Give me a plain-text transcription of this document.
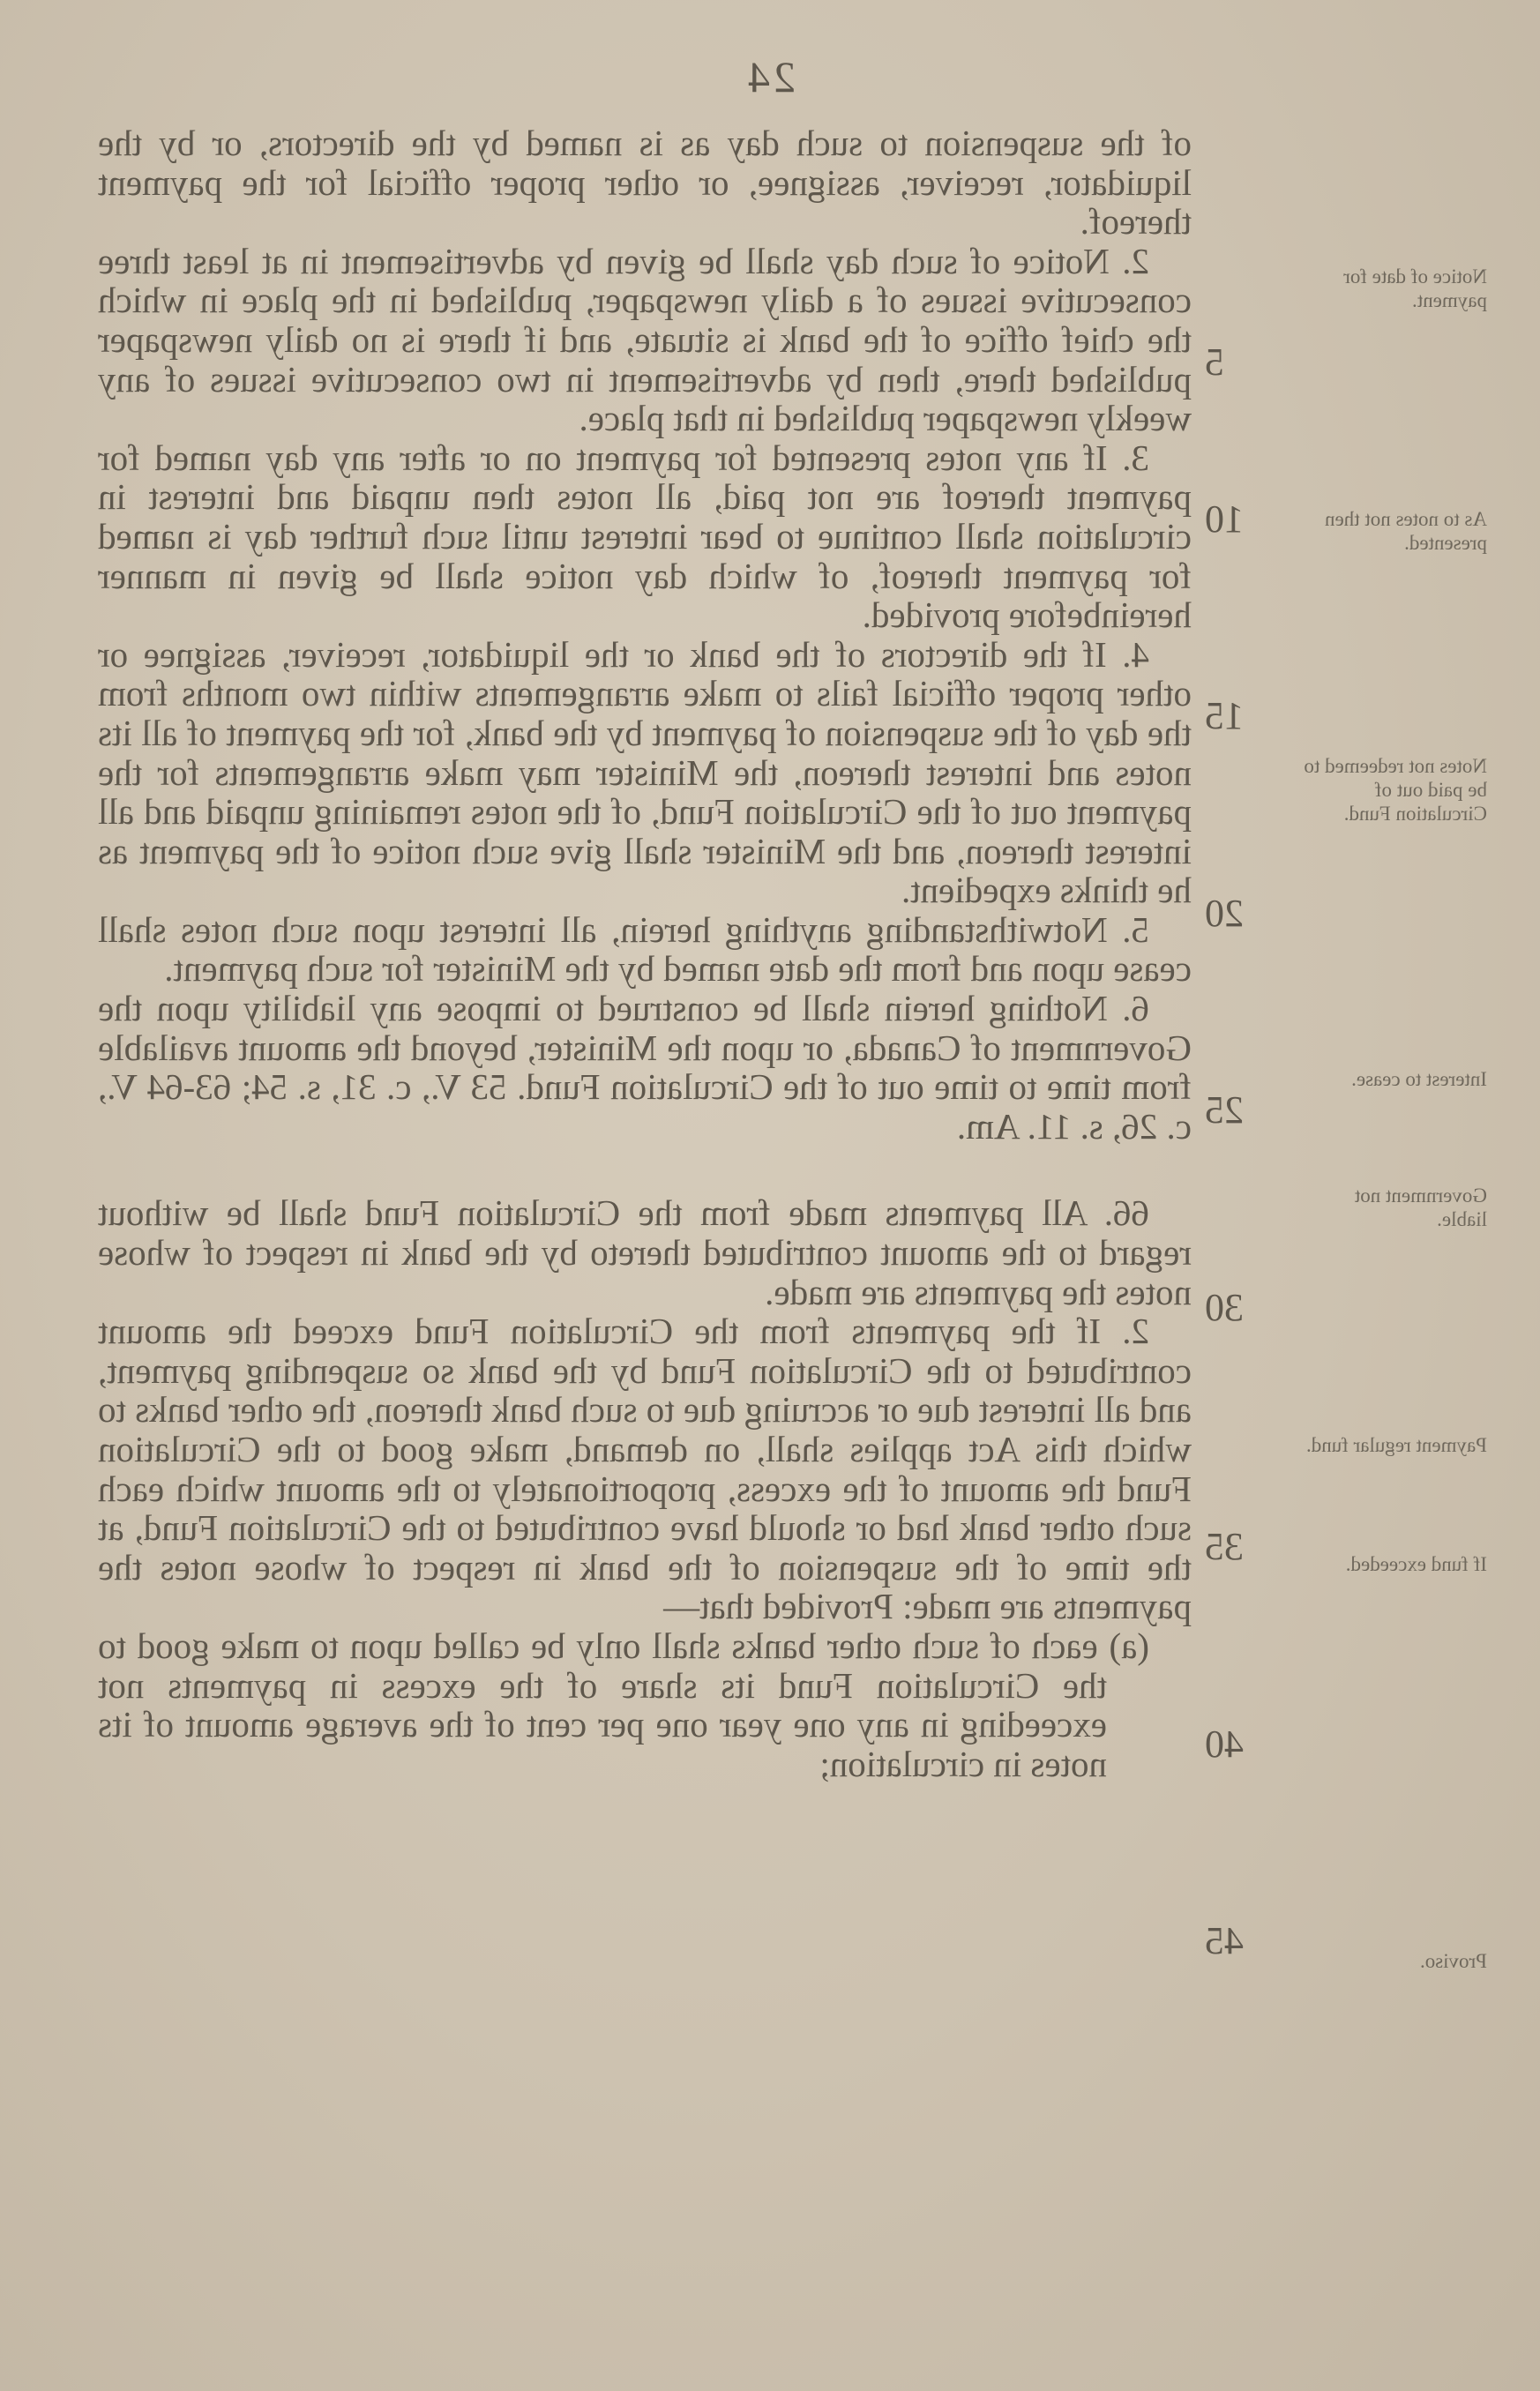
24

of the suspension to such day as is named by the directors, or by the liquidator, receiver, assignee, or other proper official for the payment thereof.

2. Notice of such day shall be given by advertisement in at least three consecutive issues of a daily newspaper, published in the place in which the chief office of the bank is situate, and if there is no daily newspaper published there, then by advertisement in two consecutive issues of any weekly newspaper published in that place.

3. If any notes presented for payment on or after any day named for payment thereof are not paid, all notes then unpaid and interest in circulation shall continue to bear interest until such further day is named for payment thereof, of which day notice shall be given in manner hereinbefore provided.

4. If the directors of the bank or the liquidator, receiver, assignee or other proper official fails to make arrangements within two months from the day of the suspension of payment by the bank, for the payment of all its notes and interest thereon, the Minister may make arrangements for the payment out of the Circulation Fund, of the notes remaining unpaid and all interest thereon, and the Minister shall give such notice of the payment as he thinks expedient.

5. Notwithstanding anything herein, all interest upon such notes shall cease upon and from the date named by the Minister for such payment.

6. Nothing herein shall be construed to impose any liability upon the Government of Canada, or upon the Minister, beyond the amount available from time to time out of the Circulation Fund. 53 V., c. 31, s. 54; 63-64 V., c. 26, s. 11. Am.

66. All payments made from the Circulation Fund shall be without regard to the amount contributed thereto by the bank in respect of whose notes the payments are made.

2. If the payments from the Circulation Fund exceed the amount contributed to the Circulation Fund by the bank so suspending payment, and all interest due or accruing due to such bank thereon, the other banks to which this Act applies shall, on demand, make good to the Circulation Fund the amount of the excess, proportionately to the amount which each such other bank had or should have contributed to the Circulation Fund, at the time of the suspension of the bank in respect of whose notes the payments are made: Provided that—

(a) each of such other banks shall only be called upon to make good to the Circulation Fund its share of the excess in payments not exceeding in any one year one per cent of the average amount of its notes in circulation;

5
10
15
20
25
30
35
40
45
Notice of date for payment.
As to notes not then presented.
Notes not redeemed to be paid out of Circulation Fund.
Interest to cease.
Government not liable.
Payment regular fund.
If fund exceeded.
Proviso.
